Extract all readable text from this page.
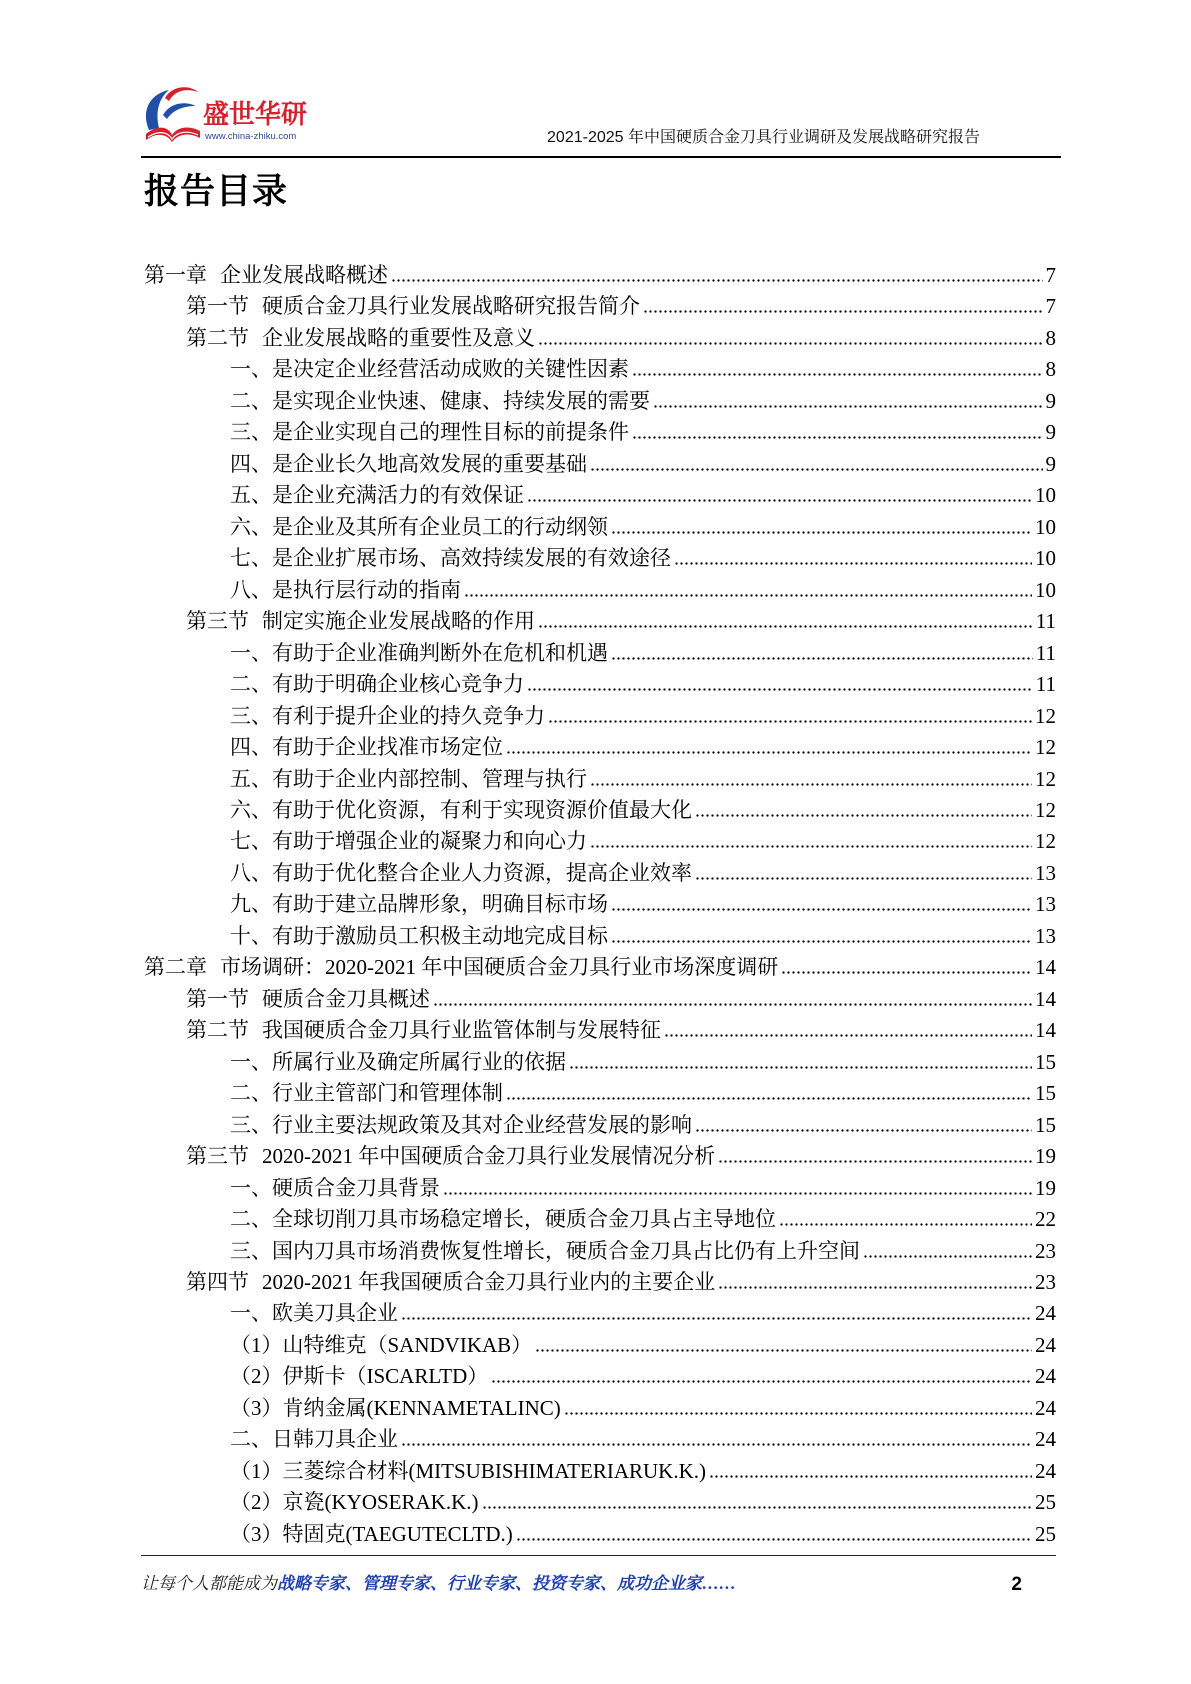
盛世华研
www.china-zhiku.com	2021-2025 年中国硬质合金刀具行业调研及发展战略研究报告
报告目录
第一章 企业发展战略概述	7
第一节 硬质合金刀具行业发展战略研究报告简介	7
第二节 企业发展战略的重要性及意义	8
一、是决定企业经营活动成败的关键性因素	8
二、是实现企业快速、健康、持续发展的需要	9
三、是企业实现自己的理性目标的前提条件	9
四、是企业长久地高效发展的重要基础	9
五、是企业充满活力的有效保证	10
六、是企业及其所有企业员工的行动纲领	10
七、是企业扩展市场、高效持续发展的有效途径	10
八、是执行层行动的指南	10
第三节 制定实施企业发展战略的作用	11
一、有助于企业准确判断外在危机和机遇	11
二、有助于明确企业核心竞争力	11
三、有利于提升企业的持久竞争力	12
四、有助于企业找准市场定位	12
五、有助于企业内部控制、管理与执行	12
六、有助于优化资源，有利于实现资源价值最大化	12
七、有助于增强企业的凝聚力和向心力	12
八、有助于优化整合企业人力资源，提高企业效率	13
九、有助于建立品牌形象，明确目标市场	13
十、有助于激励员工积极主动地完成目标	13
第二章 市场调研：2020-2021 年中国硬质合金刀具行业市场深度调研	14
第一节 硬质合金刀具概述	14
第二节 我国硬质合金刀具行业监管体制与发展特征	14
一、所属行业及确定所属行业的依据	15
二、行业主管部门和管理体制	15
三、行业主要法规政策及其对企业经营发展的影响	15
第三节 2020-2021 年中国硬质合金刀具行业发展情况分析	19
一、硬质合金刀具背景	19
二、全球切削刀具市场稳定增长，硬质合金刀具占主导地位	22
三、国内刀具市场消费恢复性增长，硬质合金刀具占比仍有上升空间	23
第四节 2020-2021 年我国硬质合金刀具行业内的主要企业	23
一、欧美刀具企业	24
（1）山特维克（SANDVIKAB）	24
（2）伊斯卡（ISCARLTD）	24
（3）肯纳金属(KENNAMETALINC)	24
二、日韩刀具企业	24
（1）三菱综合材料(MITSUBISHIMATERIARUK.K.)	24
（2）京瓷(KYOSERAK.K.)	25
（3）特固克(TAEGUTECLTD.)	25
让每个人都能成为战略专家、管理专家、行业专家、投资专家、成功企业家……	2
